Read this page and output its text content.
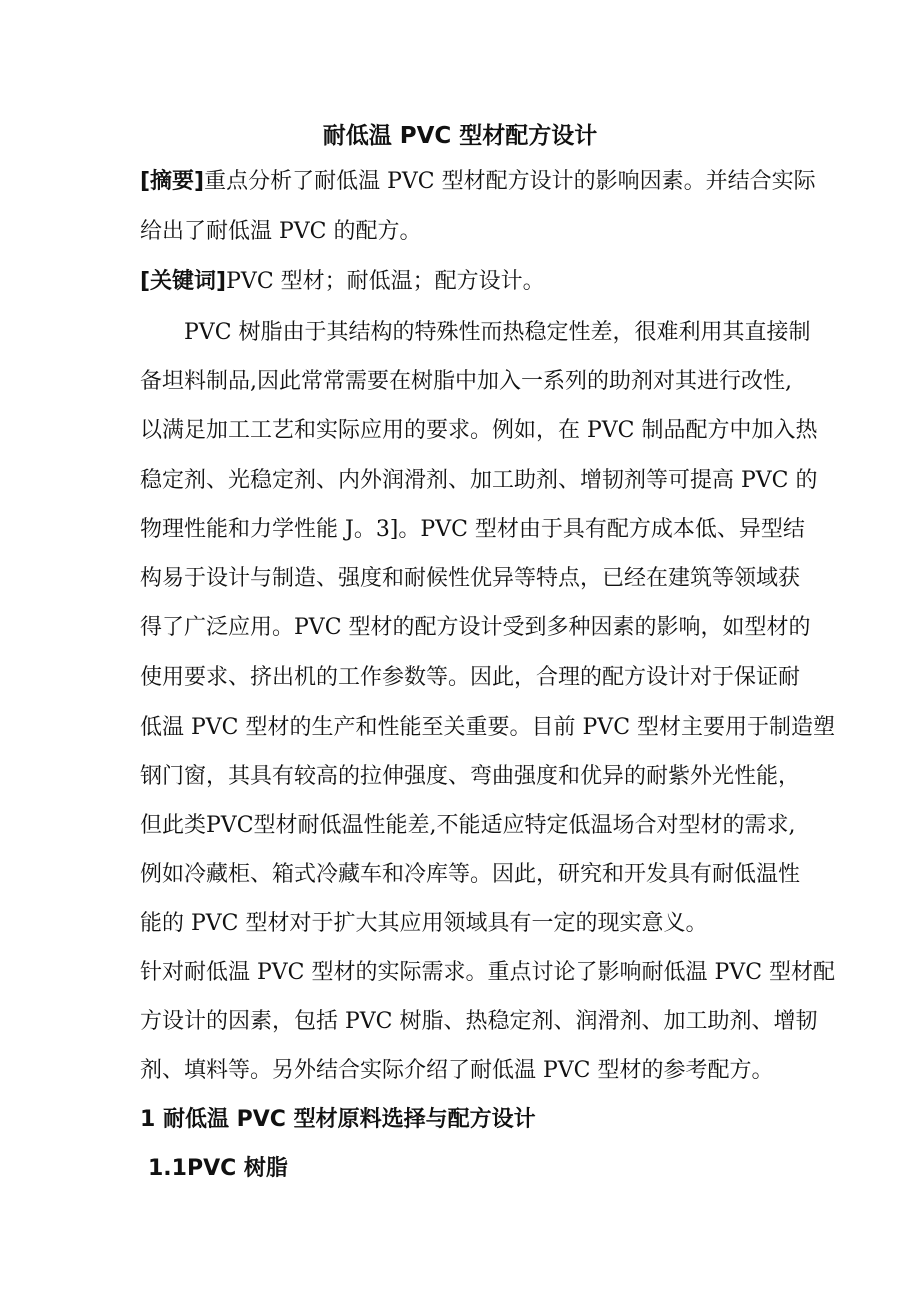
耐低温 PVC 型材配方设计
[摘要]重点分析了耐低温 PVC 型材配方设计的影响因素。并结合实际
给出了耐低温 PVC 的配方。
[关键词]PVC 型材；耐低温；配方设计。
PVC 树脂由于其结构的特殊性而热稳定性差，很难利用其直接制
备坦料制品,因此常常需要在树脂中加入一系列的助剂对其进行改性,
以满足加工工艺和实际应用的要求。例如，在 PVC 制品配方中加入热
稳定剂、光稳定剂、内外润滑剂、加工助剂、增韧剂等可提高 PVC 的
物理性能和力学性能 J。3]。PVC 型材由于具有配方成本低、异型结
构易于设计与制造、强度和耐候性优异等特点，已经在建筑等领域获
得了广泛应用。PVC 型材的配方设计受到多种因素的影响，如型材的
使用要求、挤出机的工作参数等。因此，合理的配方设计对于保证耐
低温 PVC 型材的生产和性能至关重要。目前 PVC 型材主要用于制造塑
钢门窗，其具有较高的拉伸强度、弯曲强度和优异的耐紫外光性能，
但此类PVC型材耐低温性能差,不能适应特定低温场合对型材的需求,
例如冷藏柜、箱式冷藏车和冷库等。因此，研究和开发具有耐低温性
能的 PVC 型材对于扩大其应用领域具有一定的现实意义。
针对耐低温 PVC 型材的实际需求。重点讨论了影响耐低温 PVC 型材配
方设计的因素，包括 PVC 树脂、热稳定剂、润滑剂、加工助剂、增韧
剂、填料等。另外结合实际介绍了耐低温 PVC 型材的参考配方。
1 耐低温 PVC 型材原料选择与配方设计
1.1PVC 树脂
